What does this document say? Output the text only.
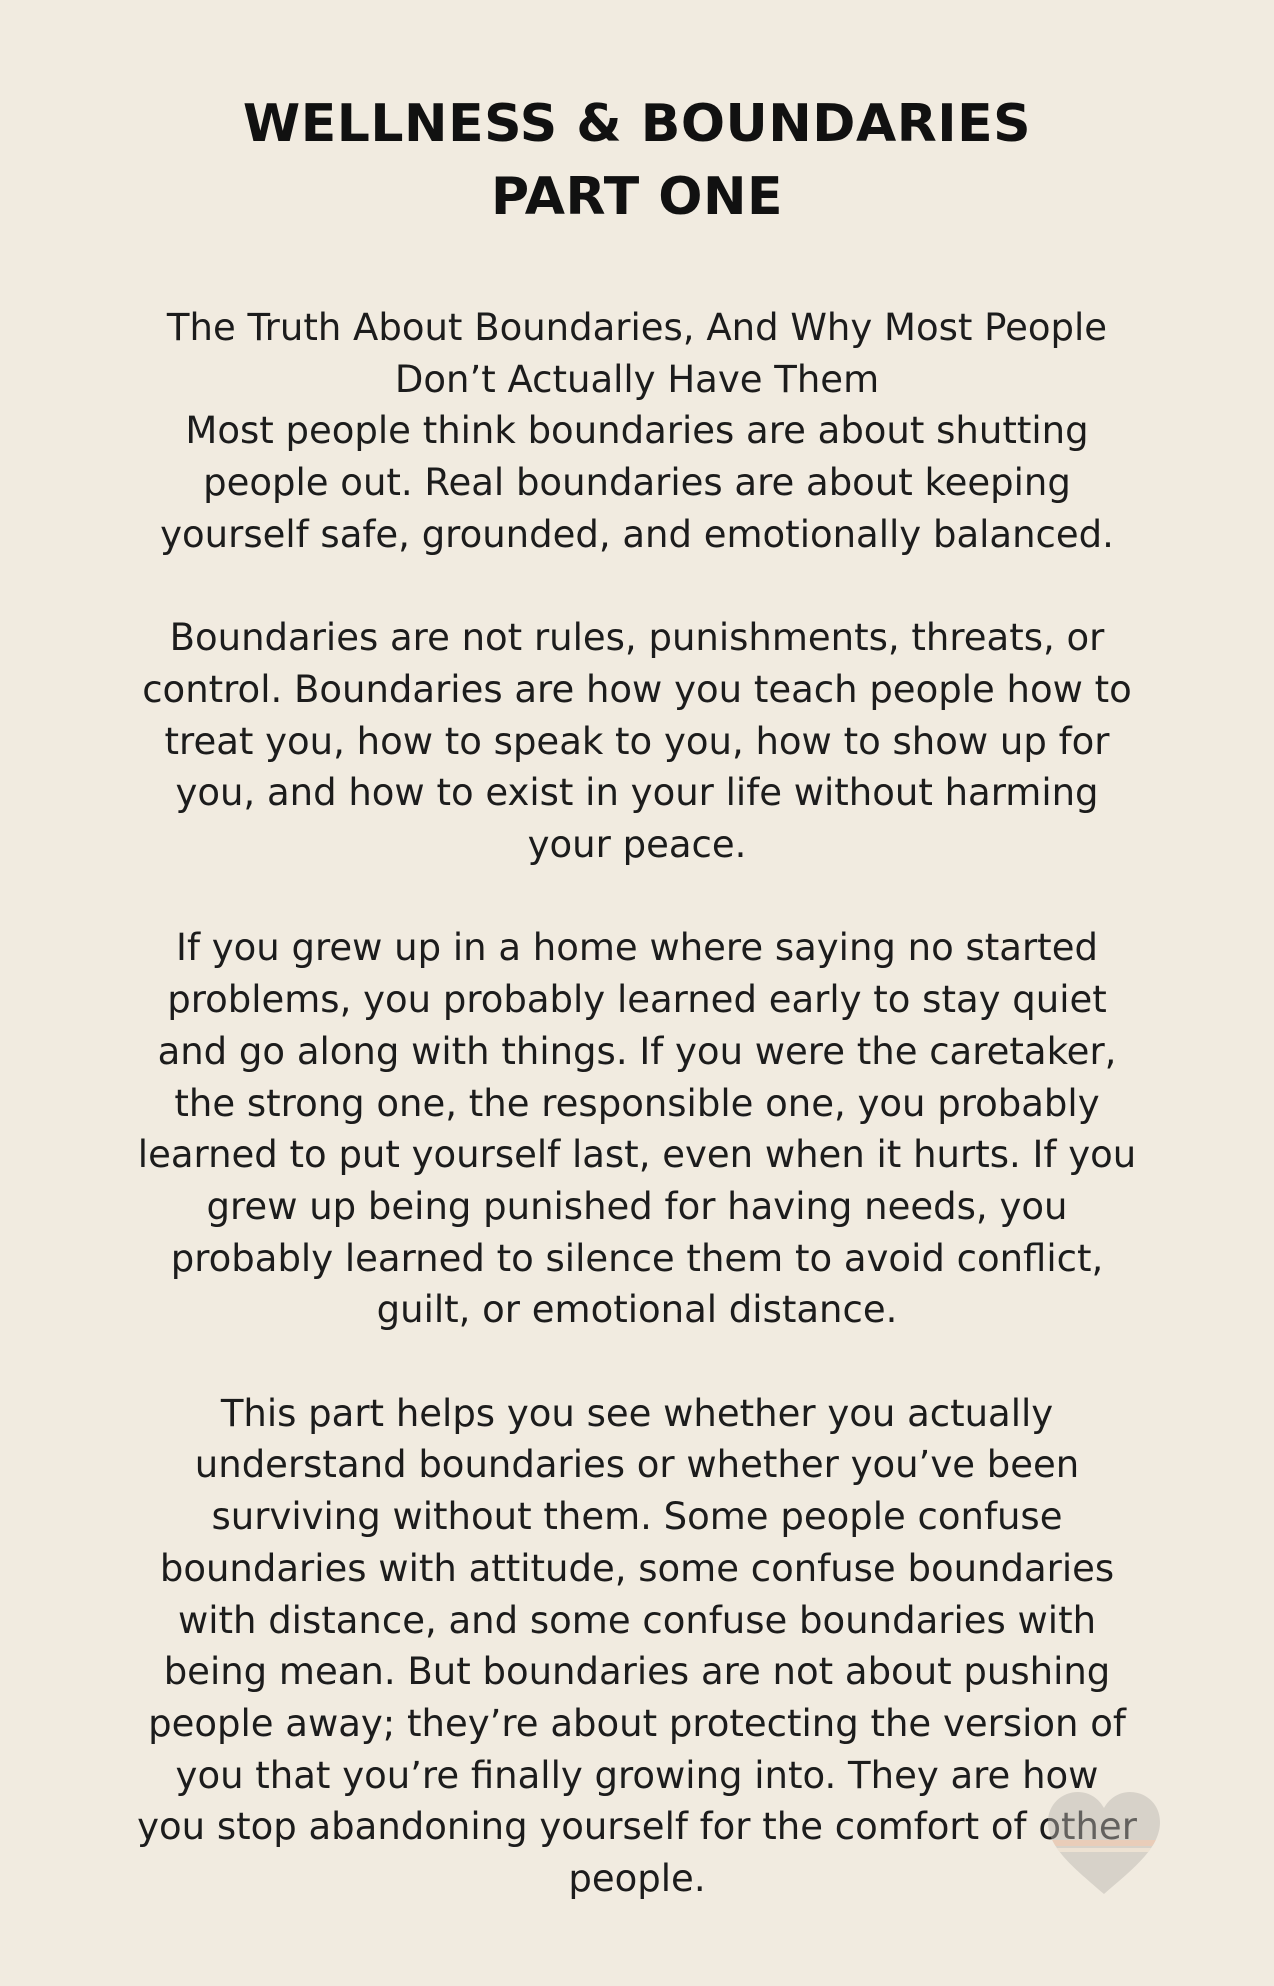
WELLNESS & BOUNDARIES
PART ONE
The Truth About Boundaries, And Why Most People
Don’t Actually Have Them
Most people think boundaries are about shutting
people out. Real boundaries are about keeping
yourself safe, grounded, and emotionally balanced.
Boundaries are not rules, punishments, threats, or
control. Boundaries are how you teach people how to
treat you, how to speak to you, how to show up for
you, and how to exist in your life without harming
your peace.
If you grew up in a home where saying no started
problems, you probably learned early to stay quiet
and go along with things. If you were the caretaker,
the strong one, the responsible one, you probably
learned to put yourself last, even when it hurts. If you
grew up being punished for having needs, you
probably learned to silence them to avoid conflict,
guilt, or emotional distance.
This part helps you see whether you actually
understand boundaries or whether you’ve been
surviving without them. Some people confuse
boundaries with attitude, some confuse boundaries
with distance, and some confuse boundaries with
being mean. But boundaries are not about pushing
people away; they’re about protecting the version of
you that you’re finally growing into. They are how
you stop abandoning yourself for the comfort of other
people.
